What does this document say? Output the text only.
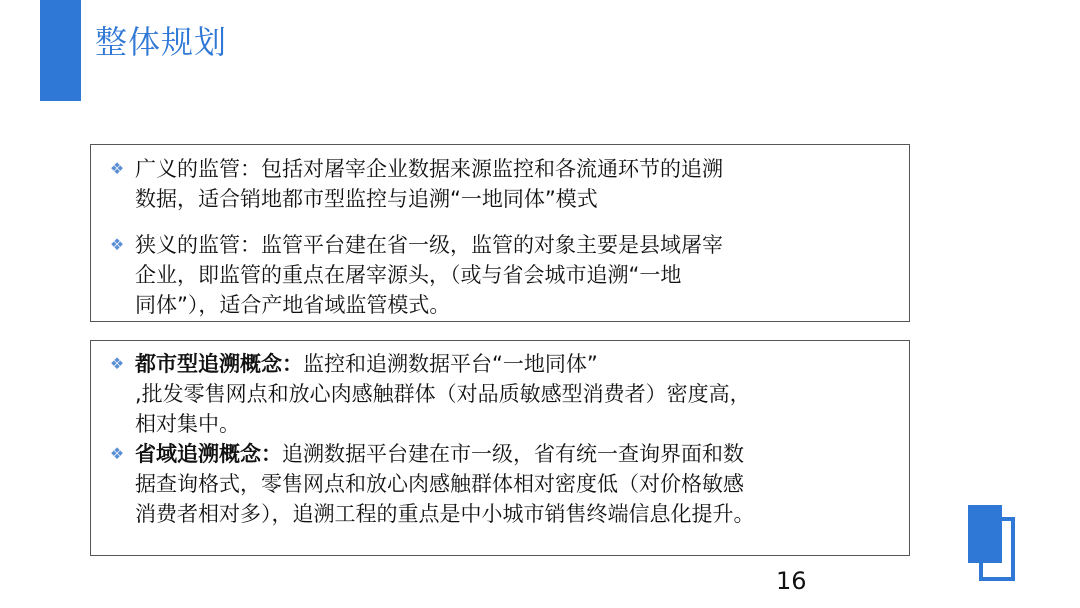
整体规划
❖ 广义的监管：包括对屠宰企业数据来源监控和各流通环节的追溯
数据，适合销地都市型监控与追溯“一地同体”模式
❖ 狭义的监管：监管平台建在省一级，监管的对象主要是县域屠宰
企业，即监管的重点在屠宰源头，（或与省会城市追溯“一地
同体”），适合产地省域监管模式。
❖ 都市型追溯概念：监控和追溯数据平台“一地同体”
,批发零售网点和放心肉感触群体（对品质敏感型消费者）密度高，
相对集中。
❖ 省域追溯概念：追溯数据平台建在市一级，省有统一查询界面和数
据查询格式，零售网点和放心肉感触群体相对密度低（对价格敏感
消费者相对多），追溯工程的重点是中小城市销售终端信息化提升。
16
